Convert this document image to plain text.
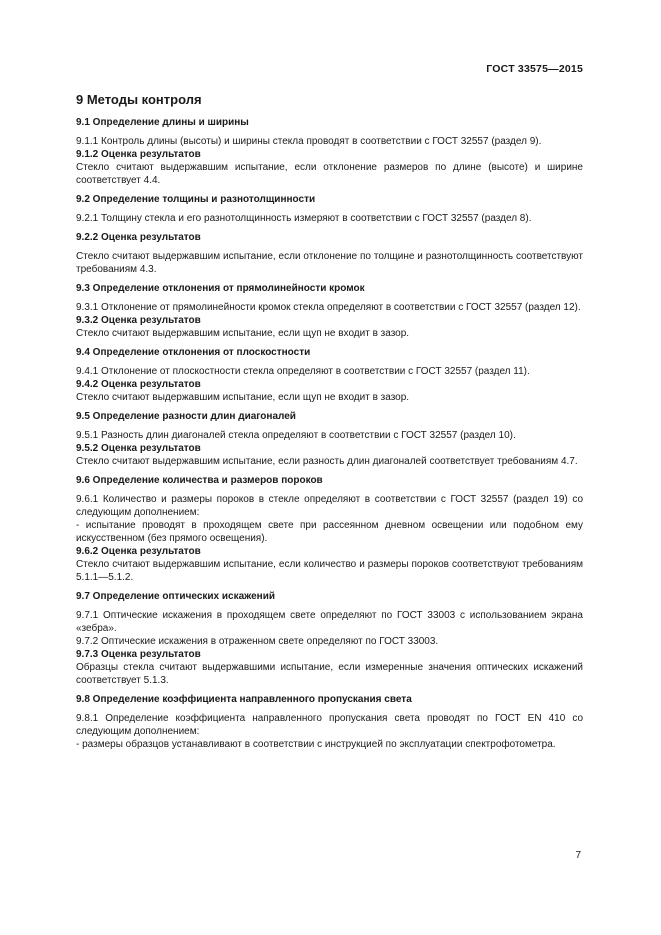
ГОСТ 33575—2015
9 Методы контроля
9.1 Определение длины и ширины

9.1.1 Контроль длины (высоты) и ширины стекла проводят в соответствии с ГОСТ 32557 (раздел 9).

9.1.2 Оценка результатов

Стекло считают выдержавшим испытание, если отклонение размеров по длине (высоте) и ширине соответствует 4.4.

9.2 Определение толщины и разнотолщинности

9.2.1 Толщину стекла и его разнотолщинность измеряют в соответствии с ГОСТ 32557 (раздел 8).

9.2.2 Оценка результатов

Стекло считают выдержавшим испытание, если отклонение по толщине и разнотолщинность соответствуют требованиям 4.3.

9.3 Определение отклонения от прямолинейности кромок

9.3.1 Отклонение от прямолинейности кромок стекла определяют в соответствии с ГОСТ 32557 (раздел 12).

9.3.2 Оценка результатов

Стекло считают выдержавшим испытание, если щуп не входит в зазор.

9.4 Определение отклонения от плоскостности

9.4.1 Отклонение от плоскостности стекла определяют в соответствии с ГОСТ 32557 (раздел 11).

9.4.2 Оценка результатов

Стекло считают выдержавшим испытание, если щуп не входит в зазор.

9.5 Определение разности длин диагоналей

9.5.1 Разность длин диагоналей стекла определяют в соответствии с ГОСТ 32557 (раздел 10).

9.5.2 Оценка результатов

Стекло считают выдержавшим испытание, если разность длин диагоналей соответствует требованиям 4.7.

9.6 Определение количества и размеров пороков

9.6.1 Количество и размеры пороков в стекле определяют в соответствии с ГОСТ 32557 (раздел 19) со следующим дополнением:

- испытание проводят в проходящем свете при рассеянном дневном освещении или подобном ему искусственном (без прямого освещения).

9.6.2 Оценка результатов

Стекло считают выдержавшим испытание, если количество и размеры пороков соответствуют требованиям 5.1.1—5.1.2.

9.7 Определение оптических искажений

9.7.1 Оптические искажения в проходящем свете определяют по ГОСТ 33003 с использованием экрана «зебра».

9.7.2 Оптические искажения в отраженном свете определяют по ГОСТ 33003.

9.7.3 Оценка результатов

Образцы стекла считают выдержавшими испытание, если измеренные значения оптических искажений соответствует 5.1.3.

9.8 Определение коэффициента направленного пропускания света

9.8.1 Определение коэффициента направленного пропускания света проводят по ГОСТ EN 410 со следующим дополнением:

- размеры образцов устанавливают в соответствии с инструкцией по эксплуатации спектрофотометра.

7
